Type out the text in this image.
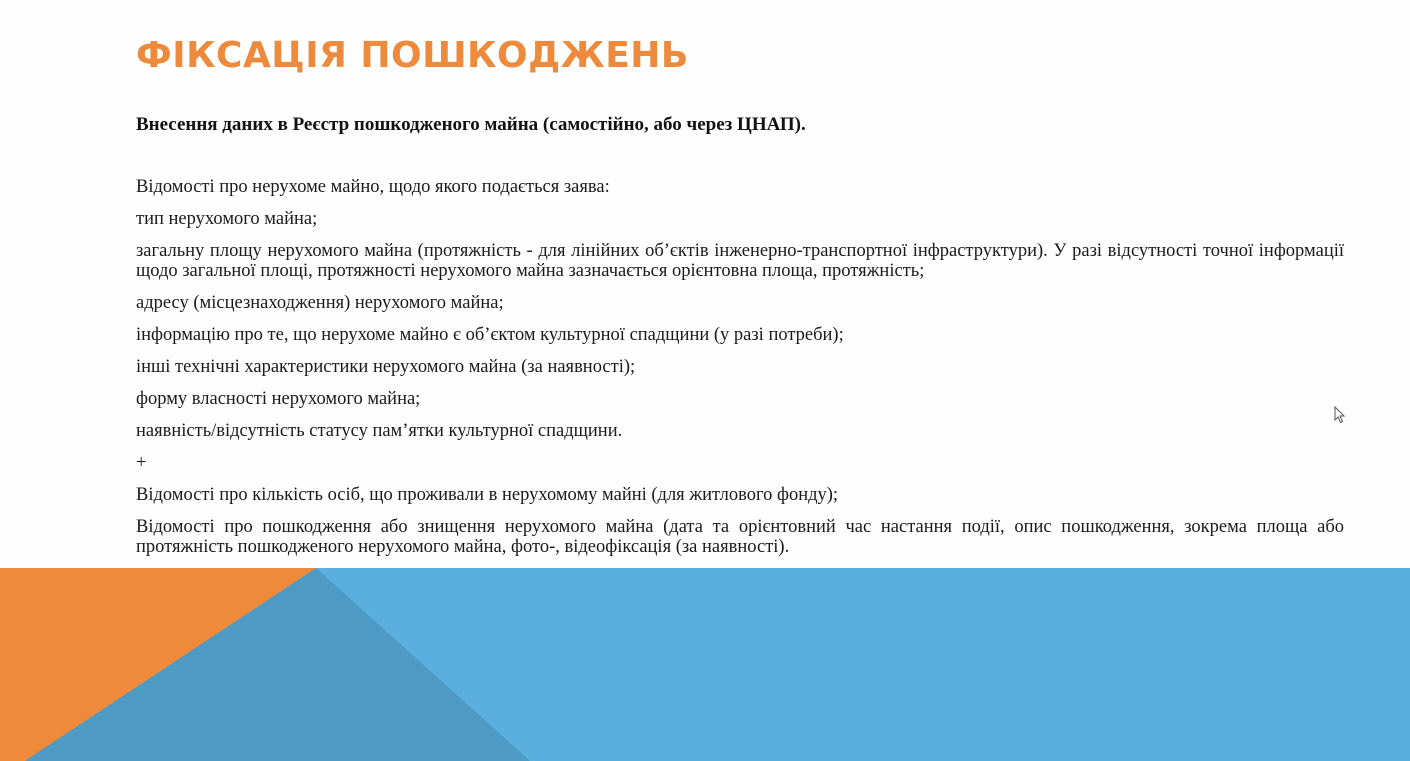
ФІКСАЦІЯ ПОШКОДЖЕНЬ

Внесення даних в Реєстр пошкодженого майна (самостійно, або через ЦНАП).

Відомості про нерухоме майно, щодо якого подається заява:

тип нерухомого майна;

загальну площу нерухомого майна (протяжність - для лінійних об’єктів інженерно-транспортної інфраструктури). У разі відсутності точної інформації щодо загальної площі, протяжності нерухомого майна зазначається орієнтовна площа, протяжність;

адресу (місцезнаходження) нерухомого майна;

інформацію про те, що нерухоме майно є об’єктом культурної спадщини (у разі потреби);

інші технічні характеристики нерухомого майна (за наявності);

форму власності нерухомого майна;

наявність/відсутність статусу пам’ятки культурної спадщини.

+

Відомості про кількість осіб, що проживали в нерухомому майні (для житлового фонду);

Відомості про пошкодження або знищення нерухомого майна (дата та орієнтовний час настання події, опис пошкодження, зокрема площа або протяжність пошкодженого нерухомого майна, фото-, відеофіксація (за наявності).
